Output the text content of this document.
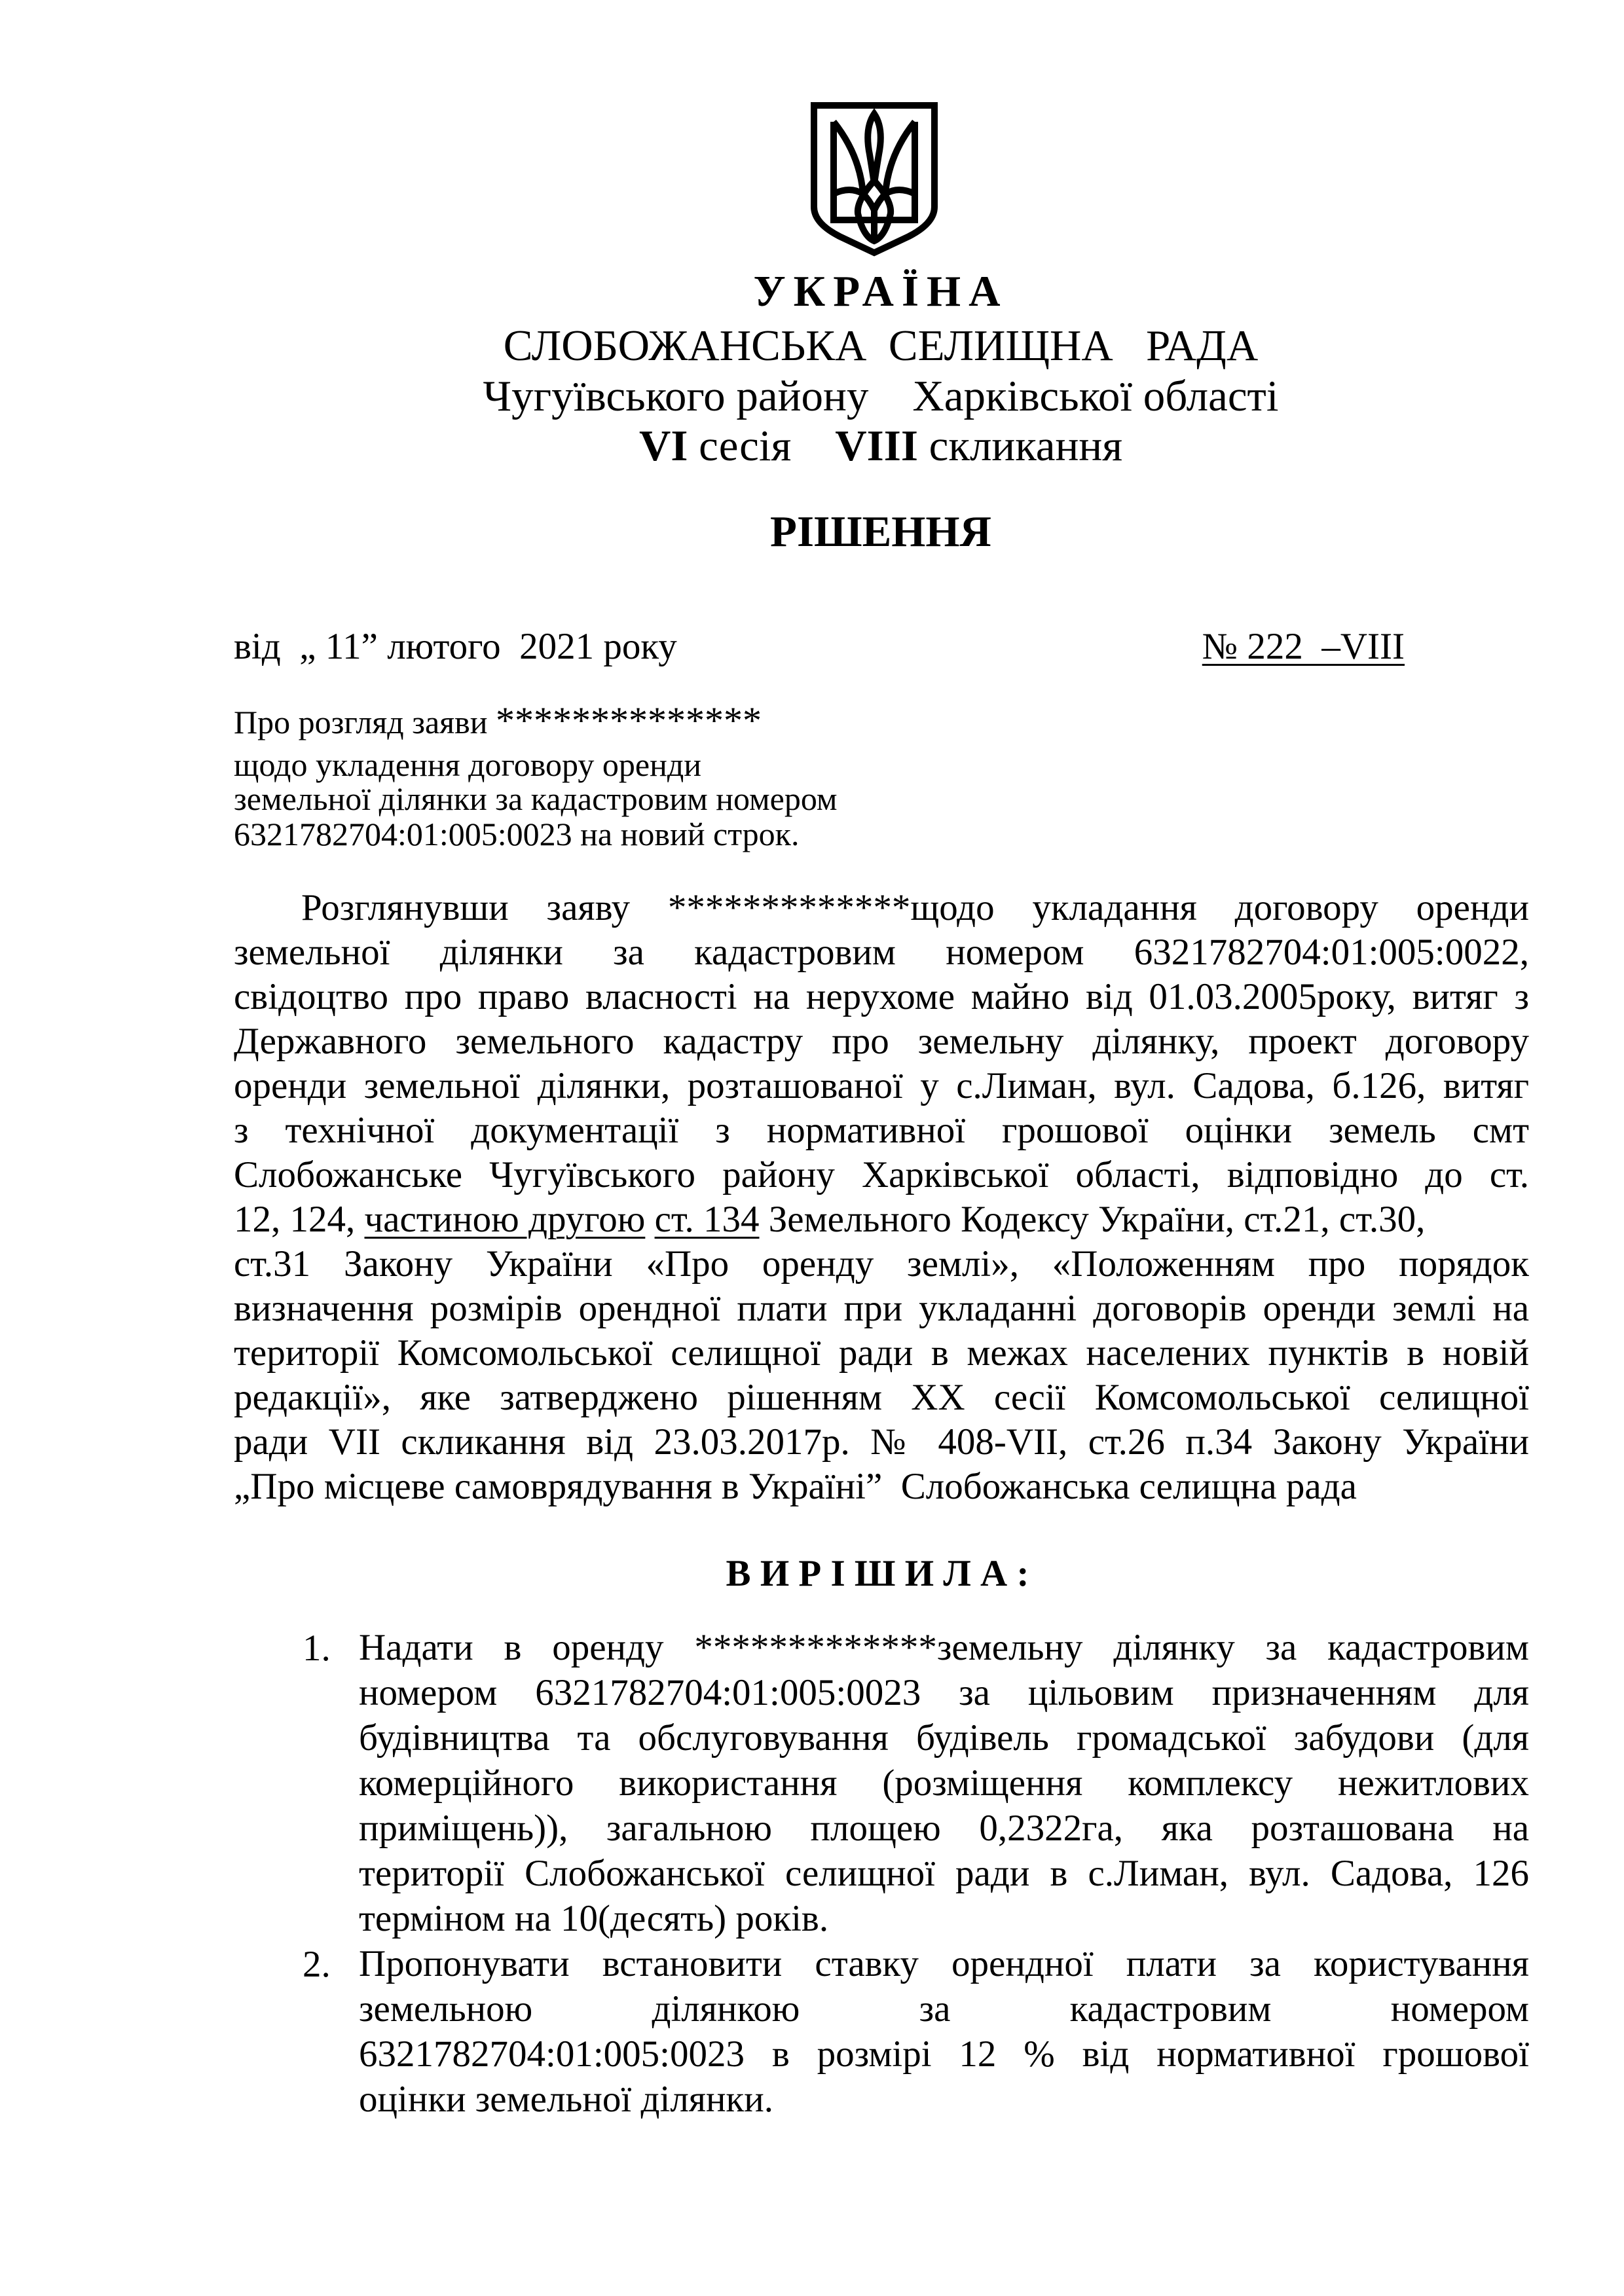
УКРАЇНА
СЛОБОЖАНСЬКА  СЕЛИЩНА   РАДА
Чугуївського району    Харківської області
VI сесія    VIII скликання
РІШЕННЯ
від  „ 11” лютого  2021 року	№ 222  –VIII
Про розгляд заяви **************
щодо укладення договору оренди
земельної ділянки за кадастровим номером
6321782704:01:005:0023 на новий строк.
Розглянувши заяву *************щодо укладання договору оренди
земельної ділянки за кадастровим номером 6321782704:01:005:0022,
свідоцтво про право власності на нерухоме майно від 01.03.2005року, витяг з
Державного земельного кадастру про земельну ділянку, проект договору
оренди земельної ділянки, розташованої у с.Лиман, вул. Садова, б.126, витяг
з технічної документації з нормативної грошової оцінки земель смт
Слобожанське Чугуївського району Харківської області, відповідно до ст.
12, 124, частиною другою ст. 134 Земельного Кодексу України, ст.21, ст.30,
ст.31 Закону України «Про оренду землі», «Положенням про порядок
визначення розмірів орендної плати при укладанні договорів оренди землі на
території Комсомольської селищної ради в межах населених пунктів в новій
редакції», яке затверджено рішенням XX сесії Комсомольської селищної
ради VII скликання від 23.03.2017р. № 408-VII, ст.26 п.34 Закону України
„Про місцеве самоврядування в Україні”  Слобожанська селищна рада
В И Р І Ш И Л А :
1. Надати в оренду *************земельну ділянку за кадастровим
номером 6321782704:01:005:0023 за цільовим призначенням для
будівництва та обслуговування будівель громадської забудови (для
комерційного використання (розміщення комплексу нежитлових
приміщень)), загальною площею 0,2322га, яка розташована на
території Слобожанської селищної ради в с.Лиман, вул. Садова, 126
терміном на 10(десять) років.
2. Пропонувати встановити ставку орендної плати за користування
земельною ділянкою за кадастровим номером
6321782704:01:005:0023 в розмірі 12 % від нормативної грошової
оцінки земельної ділянки.
